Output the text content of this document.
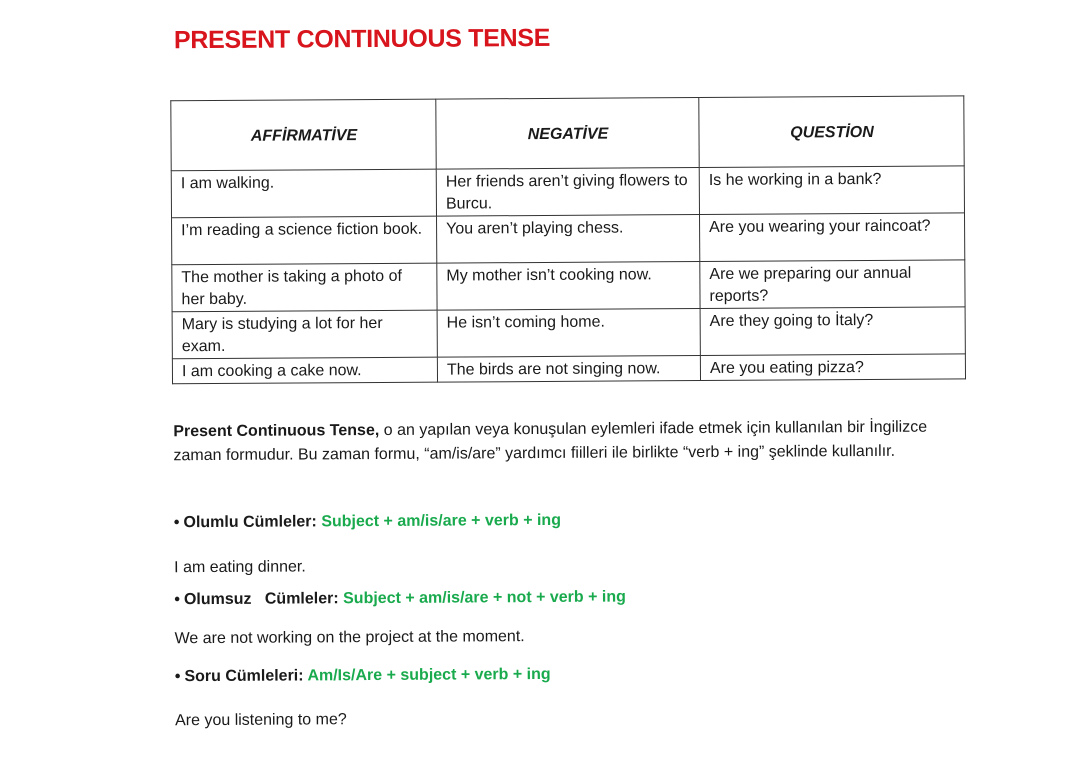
PRESENT CONTINUOUS TENSE
AFFİRMATİVE	NEGATİVE	QUESTİON
I am walking.	Her friends aren’t giving flowers to Burcu.	Is he working in a bank?
I’m reading a science fiction book.	You aren’t playing chess.	Are you wearing your raincoat?
The mother is taking a photo of her baby.	My mother isn’t cooking now.	Are we preparing our annual reports?
Mary is studying a lot for her exam.	He isn’t coming home.	Are they going to İtaly?
I am cooking a cake now.	The birds are not singing now.	Are you eating pizza?

Present Continuous Tense, o an yapılan veya konuşulan eylemleri ifade etmek için kullanılan bir İngilizce zaman formudur. Bu zaman formu, “am/is/are” yardımcı fiilleri ile birlikte “verb + ing” şeklinde kullanılır.

• Olumlu Cümleler: Subject + am/is/are + verb + ing

I am eating dinner.

• Olumsuz   Cümleler: Subject + am/is/are + not + verb + ing

We are not working on the project at the moment.

• Soru Cümleleri: Am/Is/Are + subject + verb + ing

Are you listening to me?
